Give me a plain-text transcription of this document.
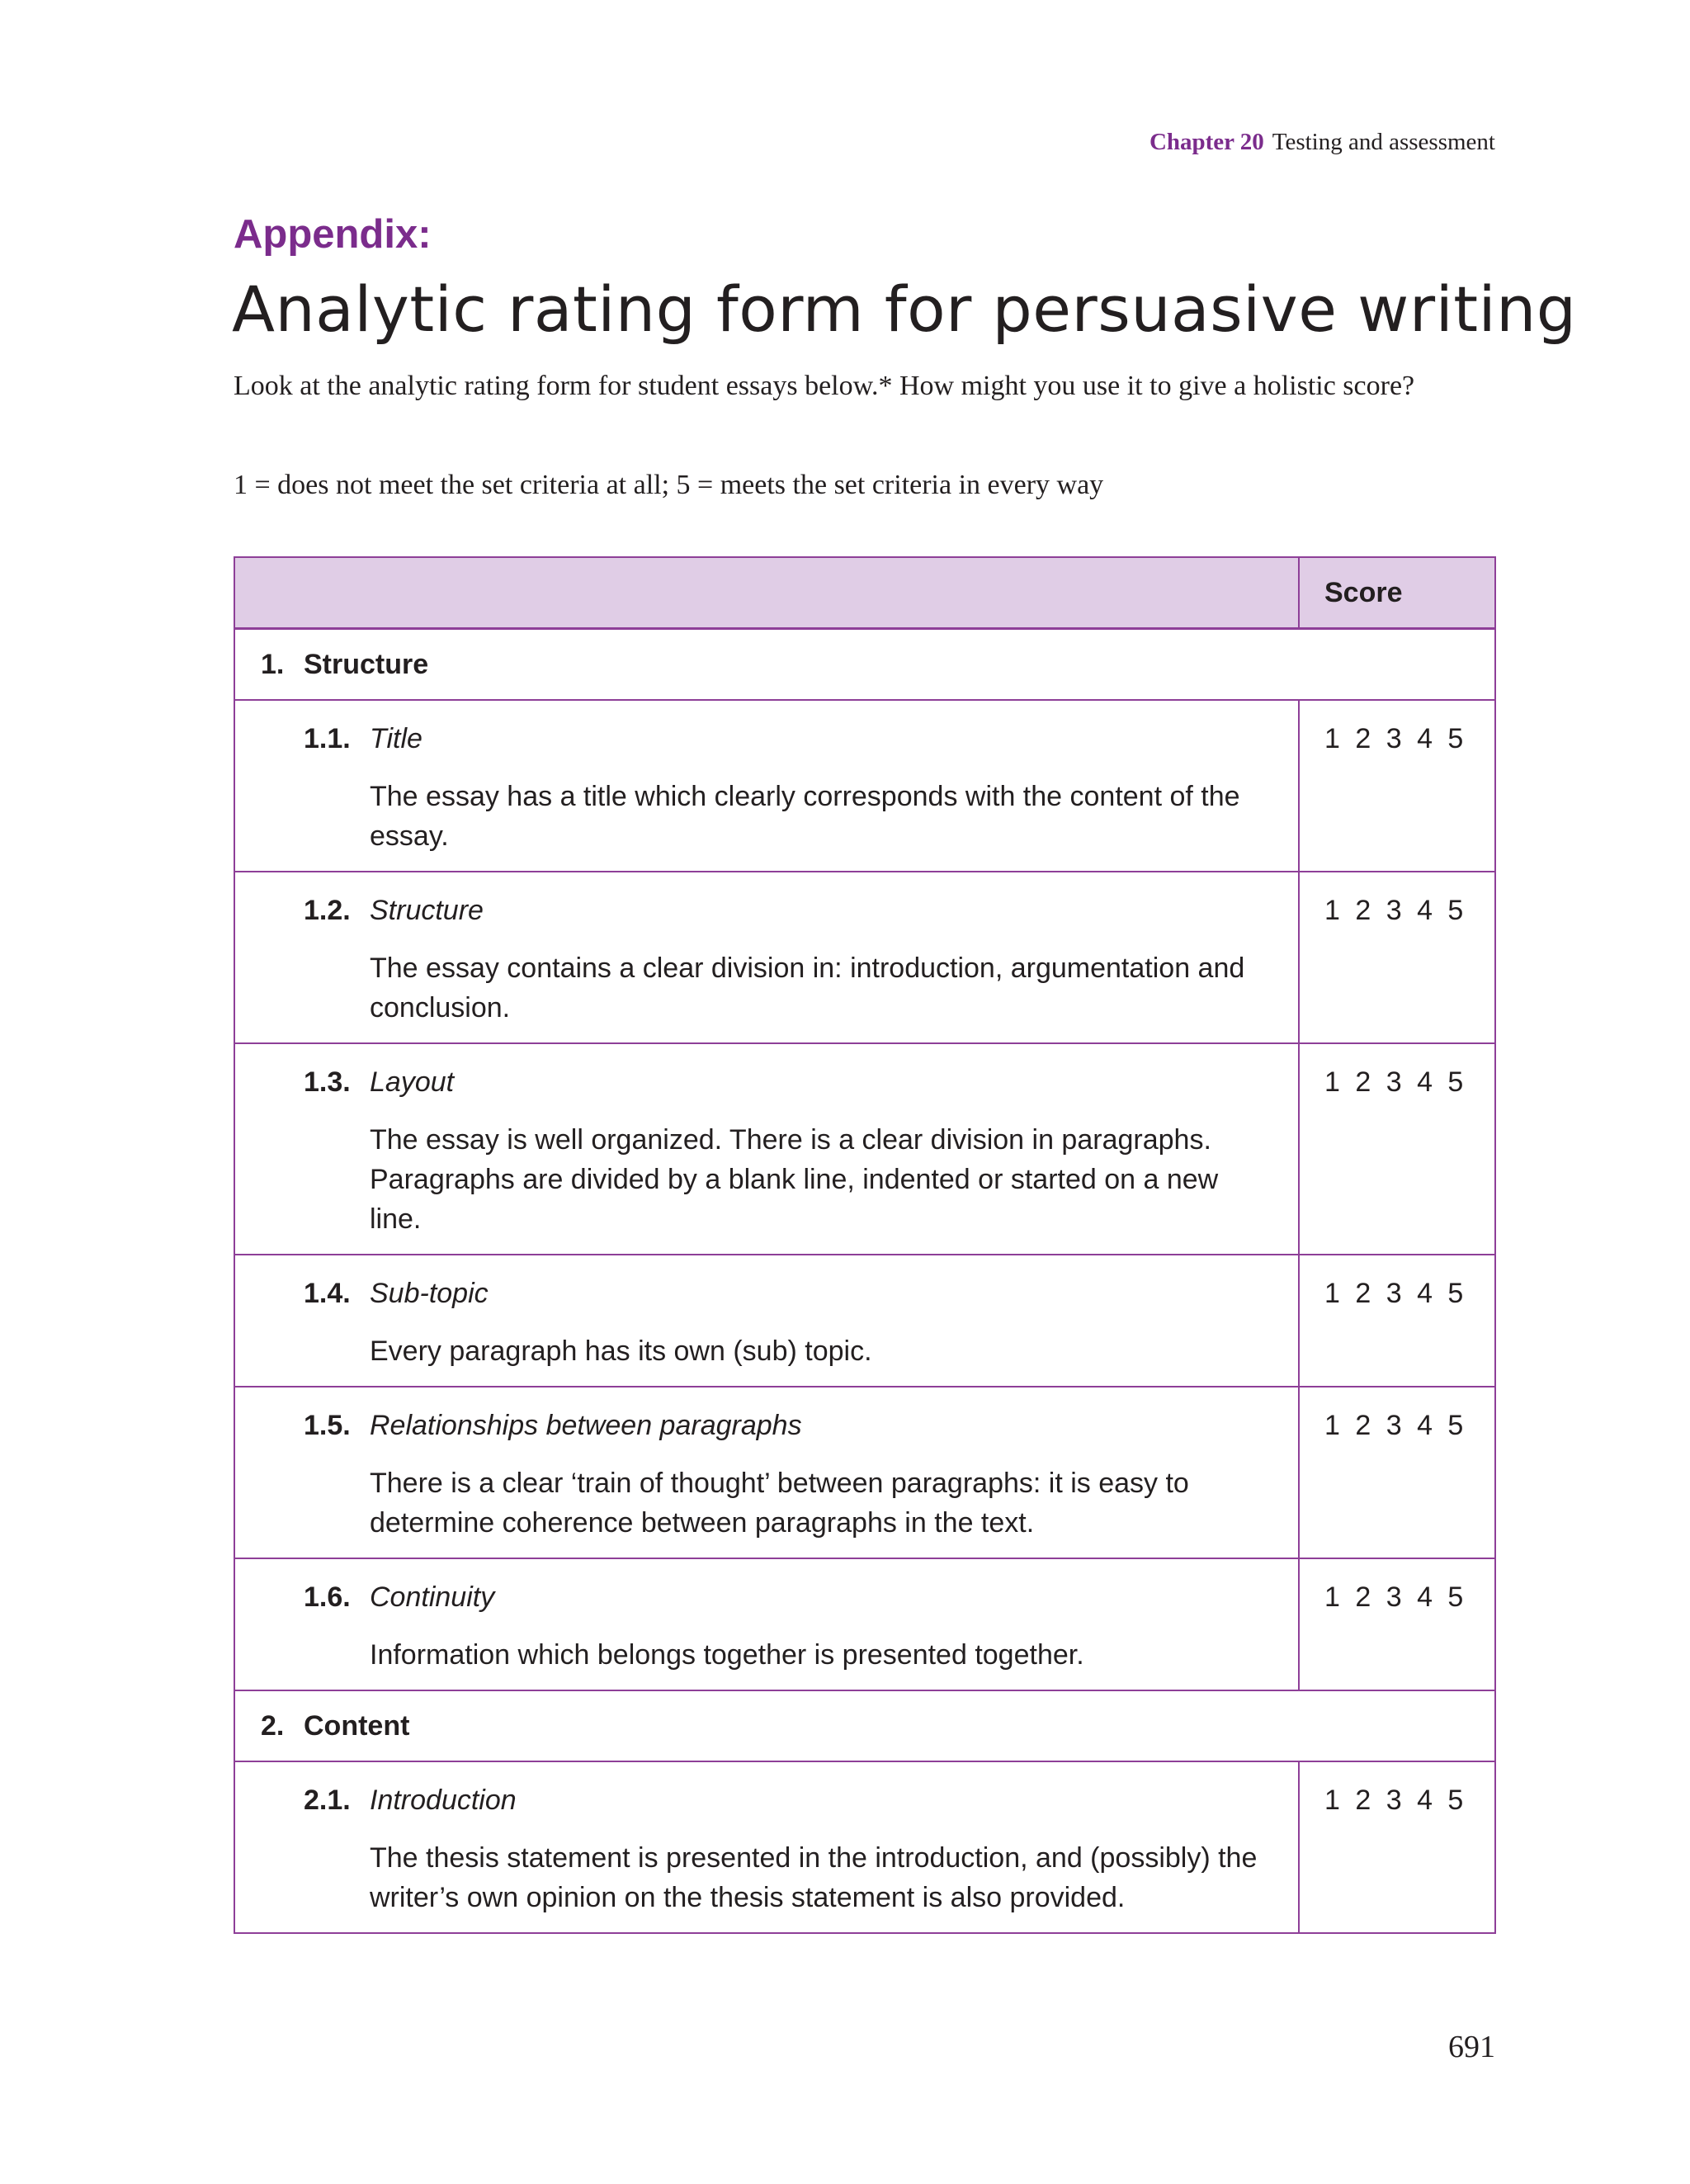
Chapter 20 Testing and assessment
Appendix:
Analytic rating form for persuasive writing

Look at the analytic rating form for student essays below.* How might you use it to give a holistic score?

1 = does not meet the set criteria at all; 5 = meets the set criteria in every way

	Score
1. Structure	

1.1. Title
The essay has a title which clearly corresponds with the content of the essay.	1 2 3 4 5

1.2. Structure
The essay contains a clear division in: introduction, argumentation and conclusion.	1 2 3 4 5

1.3. Layout
The essay is well organized. There is a clear division in paragraphs. Paragraphs are divided by a blank line, indented or started on a new line.	1 2 3 4 5

1.4. Sub-topic
Every paragraph has its own (sub) topic.	1 2 3 4 5

1.5. Relationships between paragraphs
There is a clear ‘train of thought’ between paragraphs: it is easy to determine coherence between paragraphs in the text.	1 2 3 4 5

1.6. Continuity
Information which belongs together is presented together.	1 2 3 4 5
2. Content	

2.1. Introduction
The thesis statement is presented in the introduction, and (possibly) the writer’s own opinion on the thesis statement is also provided.	1 2 3 4 5
691
